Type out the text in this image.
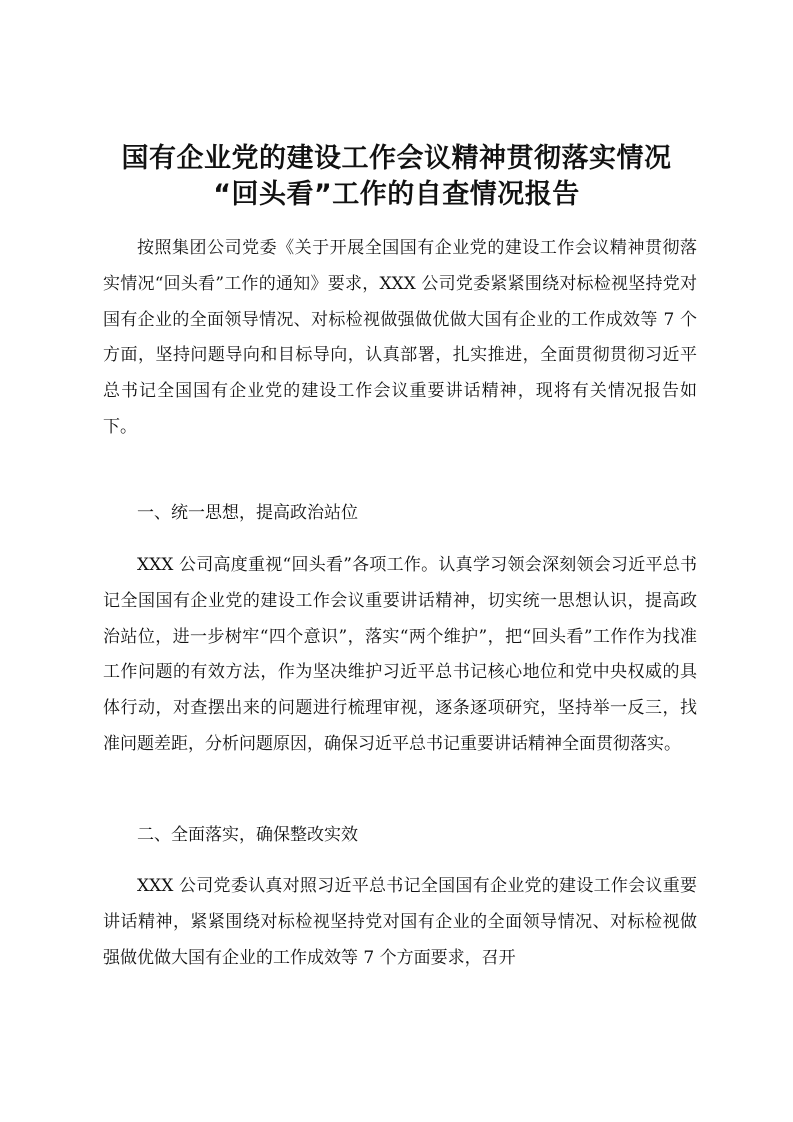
国有企业党的建设工作会议精神贯彻落实情况
“回头看”工作的自查情况报告

按照集团公司党委《关于开展全国国有企业党的建设工作会议精神贯彻落实情况“回头看”工作的通知》要求，XXX 公司党委紧紧围绕对标检视坚持党对国有企业的全面领导情况、对标检视做强做优做大国有企业的工作成效等 7 个方面，坚持问题导向和目标导向，认真部署，扎实推进，全面贯彻贯彻习近平总书记全国国有企业党的建设工作会议重要讲话精神，现将有关情况报告如下。

一、统一思想，提高政治站位

XXX 公司高度重视“回头看”各项工作。认真学习领会深刻领会习近平总书记全国国有企业党的建设工作会议重要讲话精神，切实统一思想认识，提高政治站位，进一步树牢“四个意识”，落实“两个维护”，把“回头看”工作作为找准工作问题的有效方法，作为坚决维护习近平总书记核心地位和党中央权威的具体行动，对查摆出来的问题进行梳理审视，逐条逐项研究，坚持举一反三，找准问题差距，分析问题原因，确保习近平总书记重要讲话精神全面贯彻落实。

二、全面落实，确保整改实效

XXX 公司党委认真对照习近平总书记全国国有企业党的建设工作会议重要讲话精神，紧紧围绕对标检视坚持党对国有企业的全面领导情况、对标检视做强做优做大国有企业的工作成效等 7 个方面要求，召开
